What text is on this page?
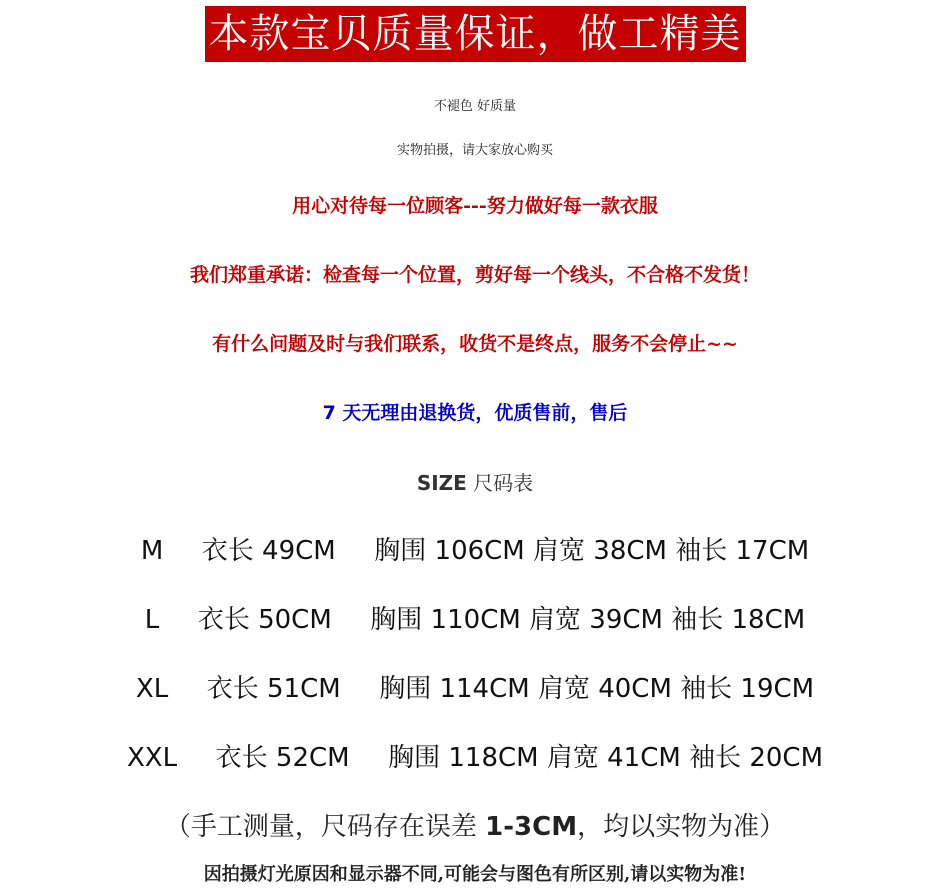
本款宝贝质量保证，做工精美
不褪色 好质量
实物拍摄，请大家放心购买
用心对待每一位顾客---努力做好每一款衣服
我们郑重承诺：检查每一个位置，剪好每一个线头，不合格不发货！
有什么问题及时与我们联系，收货不是终点，服务不会停止~~
7 天无理由退换货，优质售前，售后
SIZE 尺码表
M 衣长 49CM 胸围 106CM 肩宽 38CM 袖长 17CM
L 衣长 50CM 胸围 110CM 肩宽 39CM 袖长 18CM
XL 衣长 51CM 胸围 114CM 肩宽 40CM 袖长 19CM
XXL 衣长 52CM 胸围 118CM 肩宽 41CM 袖长 20CM
（手工测量，尺码存在误差 1-3CM，均以实物为准）
因拍摄灯光原因和显示器不同,可能会与图色有所区别,请以实物为准!
